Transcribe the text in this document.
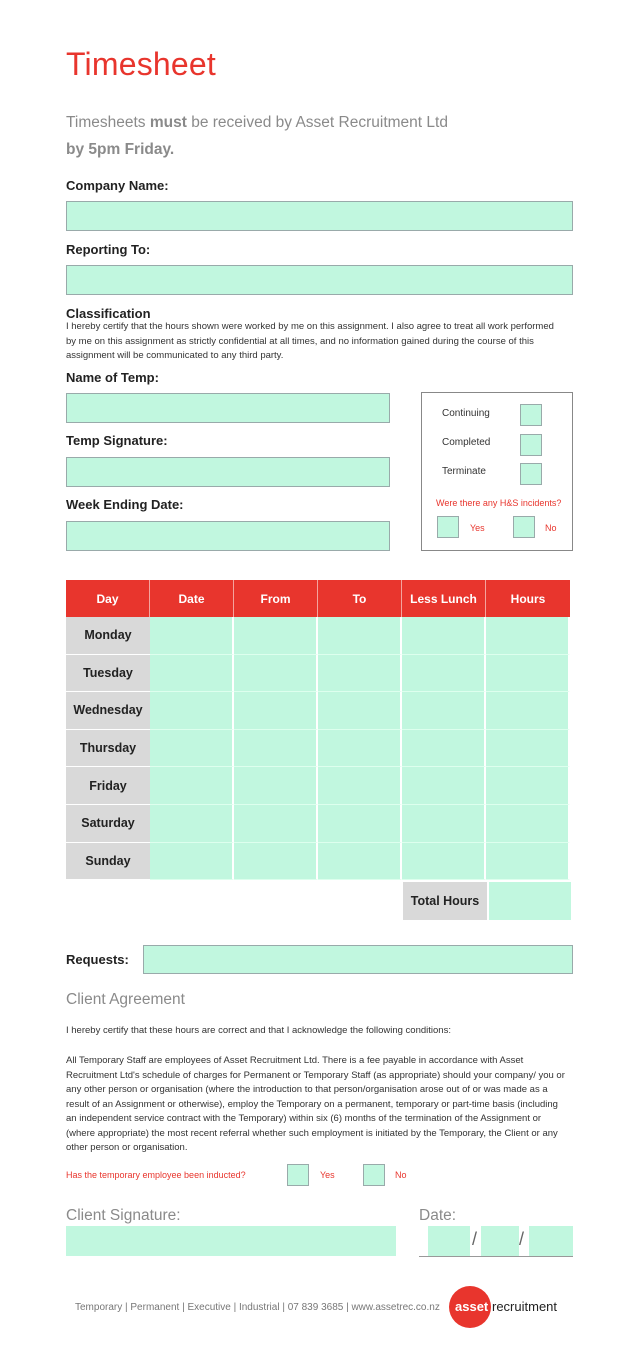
Timesheet
Timesheets must be received by Asset Recruitment Ltd
by 5pm Friday.
Company Name:
Reporting To:
Classification
I hereby certify that the hours shown were worked by me on this assignment. I also agree to treat all work performed by me on this assignment as strictly confidential at all times, and no information gained during the course of this assignment will be communicated to any third party.
Name of Temp:
Temp Signature:
Week Ending Date:
Continuing
Completed
Terminate
Were there any H&S incidents?
Yes	No
Day	Date	From	To	Less Lunch	Hours
Monday					
Tuesday					
Wednesday					
Thursday					
Friday					
Saturday					
Sunday					
Total Hours
Requests:
Client Agreement
I hereby certify that these hours are correct and that I acknowledge the following conditions:
All Temporary Staff are employees of Asset Recruitment Ltd. There is a fee payable in accordance with Asset Recruitment Ltd's schedule of charges for Permanent or Temporary Staff (as appropriate) should your company/ you or any other person or organisation (where the introduction to that person/organisation arose out of or was made as a result of an Assignment or otherwise), employ the Temporary on a permanent, temporary or part-time basis (including an independent service contract with the Temporary) within six (6) months of the termination of the Assignment or (where appropriate) the most recent referral whether such employment is initiated by the Temporary, the Client or any other person or organisation.
Has the temporary employee been inducted?	Yes	No
Client Signature:	Date:
/ /
Temporary | Permanent | Executive | Industrial | 07 839 3685 | www.assetrec.co.nz asset recruitment
